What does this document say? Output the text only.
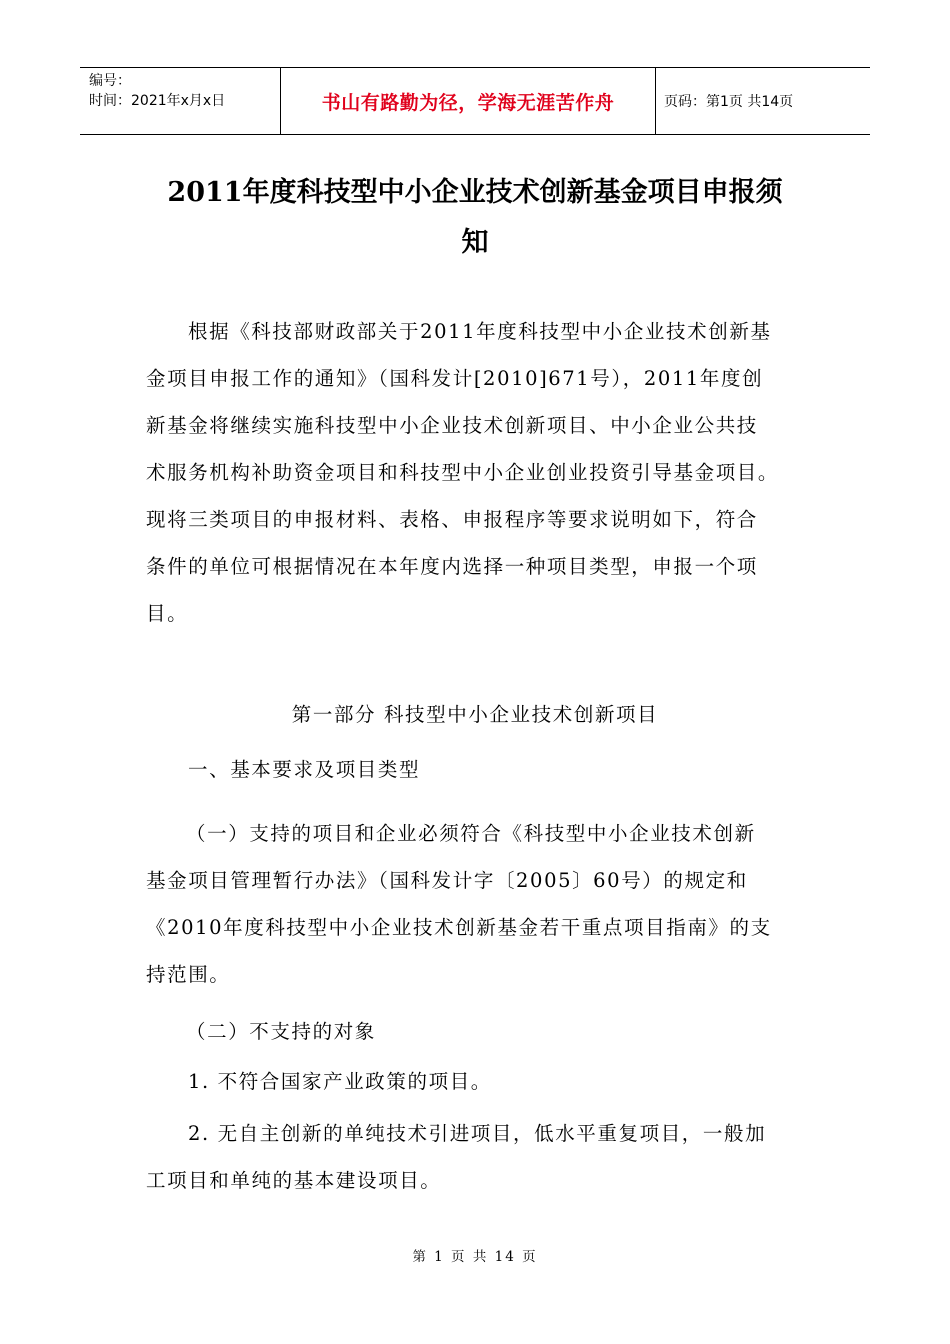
编号：
时间：2021年x月x日	书山有路勤为径，学海无涯苦作舟	页码：第1页 共14页
2011年度科技型中小企业技术创新基金项目申报须
知
根据《科技部财政部关于2011年度科技型中小企业技术创新基
金项目申报工作的通知》（国科发计[2010]671号），2011年度创
新基金将继续实施科技型中小企业技术创新项目、中小企业公共技
术服务机构补助资金项目和科技型中小企业创业投资引导基金项目。
现将三类项目的申报材料、表格、申报程序等要求说明如下，符合
条件的单位可根据情况在本年度内选择一种项目类型，申报一个项
目。
第一部分 科技型中小企业技术创新项目
一、基本要求及项目类型
（一）支持的项目和企业必须符合《科技型中小企业技术创新
基金项目管理暂行办法》（国科发计字〔2005〕60号）的规定和
《2010年度科技型中小企业技术创新基金若干重点项目指南》的支
持范围。
（二）不支持的对象
1. 不符合国家产业政策的项目。
2. 无自主创新的单纯技术引进项目，低水平重复项目，一般加
工项目和单纯的基本建设项目。
第 1 页 共 14 页
